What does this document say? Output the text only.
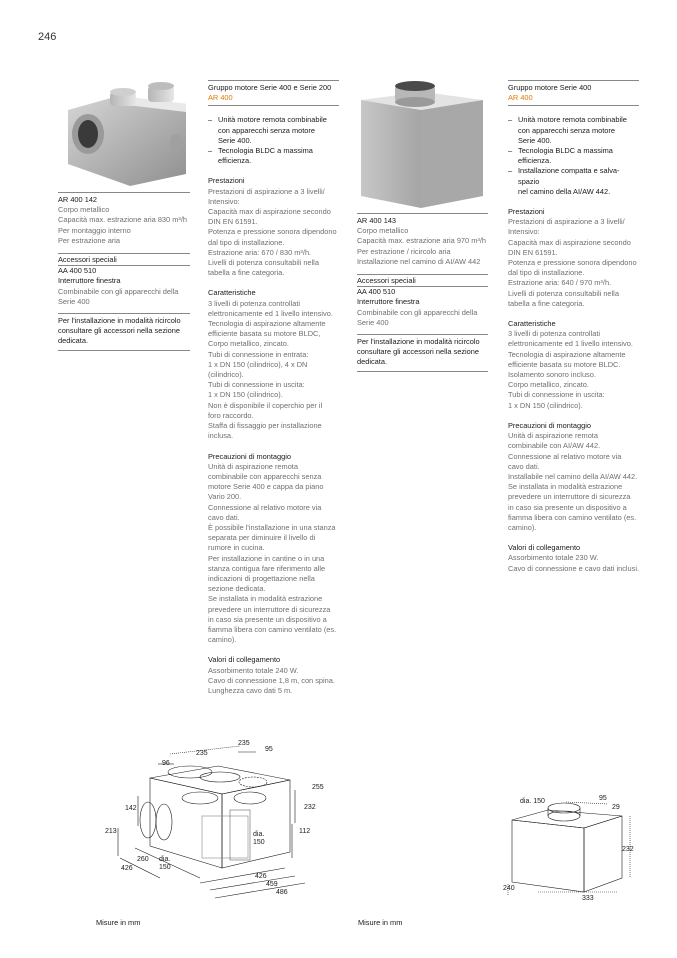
246
AR 400 142
Corpo metallico
Capacità max. estrazione aria 830 m³/h
Per montaggio interno
Per estrazione aria
Accessori speciali
AA 400 510
Interruttore finestra
Combinabile con gli apparecchi della
Serie 400
Per l'installazione in modalità ricircolo
consultare gli accessori nella sezione
dedicata.
Gruppo motore Serie 400 e Serie 200
AR 400
– Unità motore remota combinabile
con apparecchi senza motore
Serie 400.
– Tecnologia BLDC a massima
efficienza.
Prestazioni
Prestazioni di aspirazione a 3 livelli/
Intensivo:
Capacità max di aspirazione secondo
DIN EN 61591.
Potenza e pressione sonora dipendono
dal tipo di installazione.
Estrazione aria: 670 / 830 m³/h.
Livelli di potenza consultabili nella
tabella a fine categoria.
Caratteristiche
3 livelli di potenza controllati
elettronicamente ed 1 livello intensivo.
Tecnologia di aspirazione altamente
efficiente basata su motore BLDC,
Corpo metallico, zincato.
Tubi di connessione in entrata:
1 x DN 150 (cilindrico), 4 x DN
(cilindrico).
Tubi di connessione in uscita:
1 x DN 150 (cilindrico).
Non è disponibile il coperchio per il
foro raccordo.
Staffa di fissaggio per installazione
inclusa.
Precauzioni di montaggio
Unità di aspirazione remota
combinabile con apparecchi senza
motore Serie 400 e cappa da piano
Vario 200.
Connessione al relativo motore via
cavo dati.
È possibile l'installazione in una stanza
separata per diminuire il livello di
rumore in cucina.
Per installazione in cantine o in una
stanza contigua fare riferimento alle
indicazioni di progettazione nella
sezione dedicata.
Se installata in modalità estrazione
prevedere un interruttore di sicurezza
in caso sia presente un dispositivo a
fiamma libera con camino ventilato (es.
camino).
Valori di collegamento
Assorbimento totale 240 W.
Cavo di connessione 1,8 m, con spina.
Lunghezza cavo dati 5 m.
AR 400 143
Corpo metallico
Capacità max. estrazione aria 970 m³/h
Per estrazione / ricircolo aria
Installazione nel camino di AI/AW 442
Accessori speciali
AA 400 510
Interruttore finestra
Combinabile con gli apparecchi della
Serie 400
Per l'installazione in modalità ricircolo
consultare gli accessori nella sezione
dedicata.
Gruppo motore Serie 400
AR 400
– Unità motore remota combinabile
con apparecchi senza motore
Serie 400.
– Tecnologia BLDC a massima
efficienza.
– Installazione compatta e salva-spazio
nel camino della AI/AW 442.
Prestazioni
Prestazioni di aspirazione a 3 livelli/
Intensivo:
Capacità max di aspirazione secondo
DIN EN 61591.
Potenza e pressione sonora dipendono
dal tipo di installazione.
Estrazione aria: 640 / 970 m³/h.
Livelli di potenza consultabili nella
tabella a fine categoria.
Caratteristiche
3 livelli di potenza controllati
elettronicamente ed 1 livello intensivo.
Tecnologia di aspirazione altamente
efficiente basata su motore BLDC.
Isolamento sonoro incluso.
Corpo metallico, zincato.
Tubi di connessione in uscita:
1 x DN 150 (cilindrico).
Precauzioni di montaggio
Unità di aspirazione remota
combinabile con AI/AW 442.
Connessione al relativo motore via
cavo dati.
Installabile nel camino della AI/AW 442.
Se installata in modalità estrazione
prevedere un interruttore di sicurezza
in caso sia presente un dispositivo a
fiamma libera con camino ventilato (es.
camino).
Valori di collegamento
Assorbimento totale 230 W.
Cavo di connessione e cavo dati inclusi.
235
95
235
96
255
232
142
213	112
dia.
150
260 dia.
150
426
426
459
486
Misure in mm
dia. 150	95
29
232
240
333
Misure in mm
